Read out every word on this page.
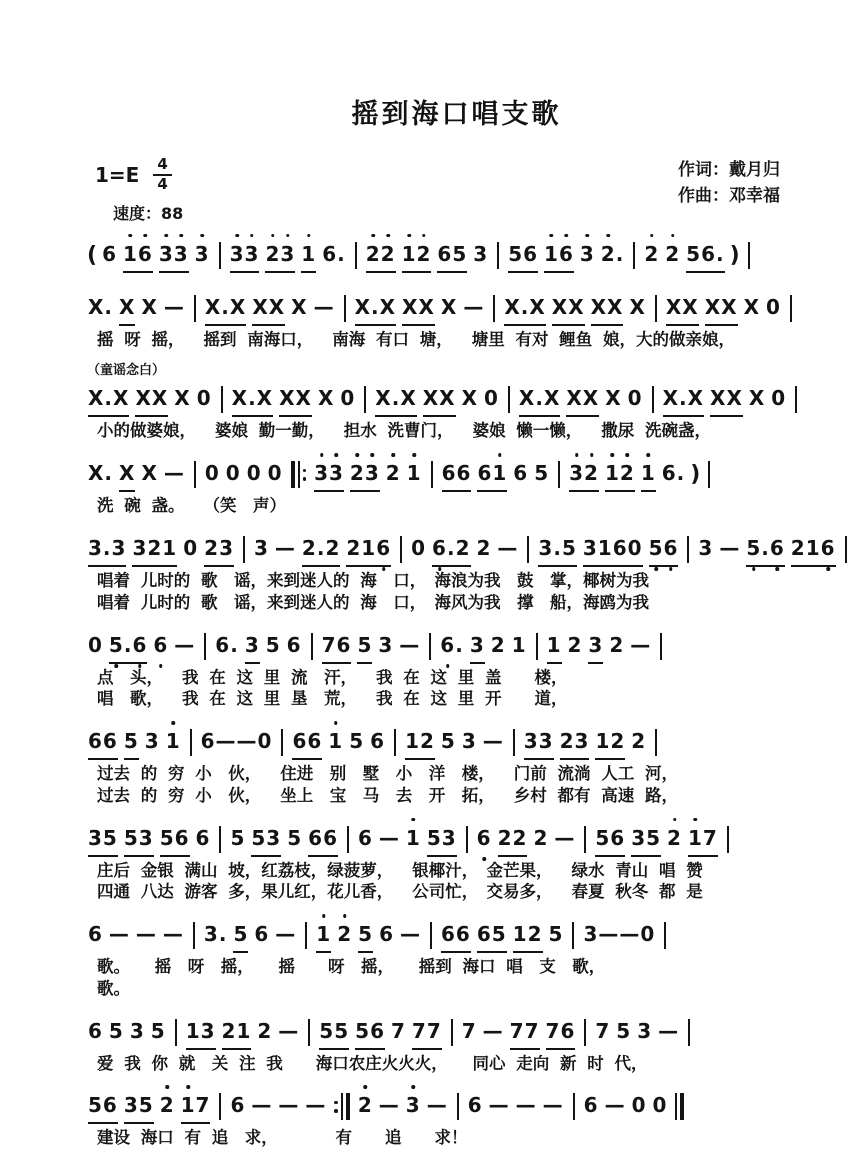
摇到海口唱支歌
$1=E \frac{4}{4}$
速度：88
作词：戴月归
作曲：邓幸福
( 6 16 33 3 33 23 1 6. 22 12 65 3 56 16 3 2. 2 2 56. )
X. X X — X.X XX X — X.X XX X — X.X XX XX X XX XX X 0
摇 呀 摇，　 摇到 南海口，　 南海 有口 塘，　 塘里 有对 鲤鱼 娘，大的做亲娘，
（童谣念白）
X.X XX X 0 X.X XX X 0 X.X XX X 0 X.X XX X 0 X.X XX X 0
小的做婆娘，　 婆娘 勤一勤，　 担水 洗曹门，　 婆娘 懒一懒，　 撒尿 洗碗盏，
X. X X — 0 0 0 0 33 23 2 1 66 61 6 5 32 12 1 6. )
洗 碗 盏。　 （笑　声）
3.3 321 0 23 3 — 2.2 216 0 6.2 2 — 3.5 3160 56 3 — 5.6 216
唱着 儿时的 歌　谣，来到迷人的 海　口，　海浪为我　鼓　掌，椰树为我
唱着 儿时的 歌　谣，来到迷人的 海　口，　海风为我　撑　船，海鸥为我
0 5.6 6 — 6. 3 5 6 76 5 3 — 6. 3 2 1 1 2 3 2 —
点　头，　 我 在 这 里 流　汗，　 我 在 这 里 盖　　楼，
唱　歌，　 我 在 这 里 垦　荒，　 我 在 这 里 开　　道，
66 5 3 1 6——0 66 1 5 6 12 5 3 — 33 23 12 2
过去 的 穷 小　伙，　 住进　别　墅　小　洋　楼，　 门前 流淌 人工 河，
过去 的 穷 小　伙，　 坐上　宝　马　去　开　拓，　 乡村 都有 高速 路，
35 53 56 6 5 53 5 66 6 — 1 53 6 22 2 — 56 35 2 17
庄后 金银 满山 坡，红荔枝，绿菠萝，　 银椰汁，　金芒果，　 绿水 青山 唱 赞
四通 八达 游客 多，果儿红，花儿香，　 公司忙，　交易多，　 春夏 秋冬 都 是
6 — — — 3. 5 6 — 1 2 5 6 — 66 65 12 5 3——0
歌。　　摇　呀　摇，　　摇　　呀　摇，　　摇到 海口 唱　支　歌，
歌。
6 5 3 5 13 21 2 — 55 56 7 77 7 — 77 76 7 5 3 —
爱 我 你 就　关 注 我　　海口农庄火火火，　　同心 走向 新 时 代，
56 35 2 17 6 — — — 2 — 3 — 6 — — — 6 — 0 0
建设 海口 有 追　求，　　　　有　　追　　求！
